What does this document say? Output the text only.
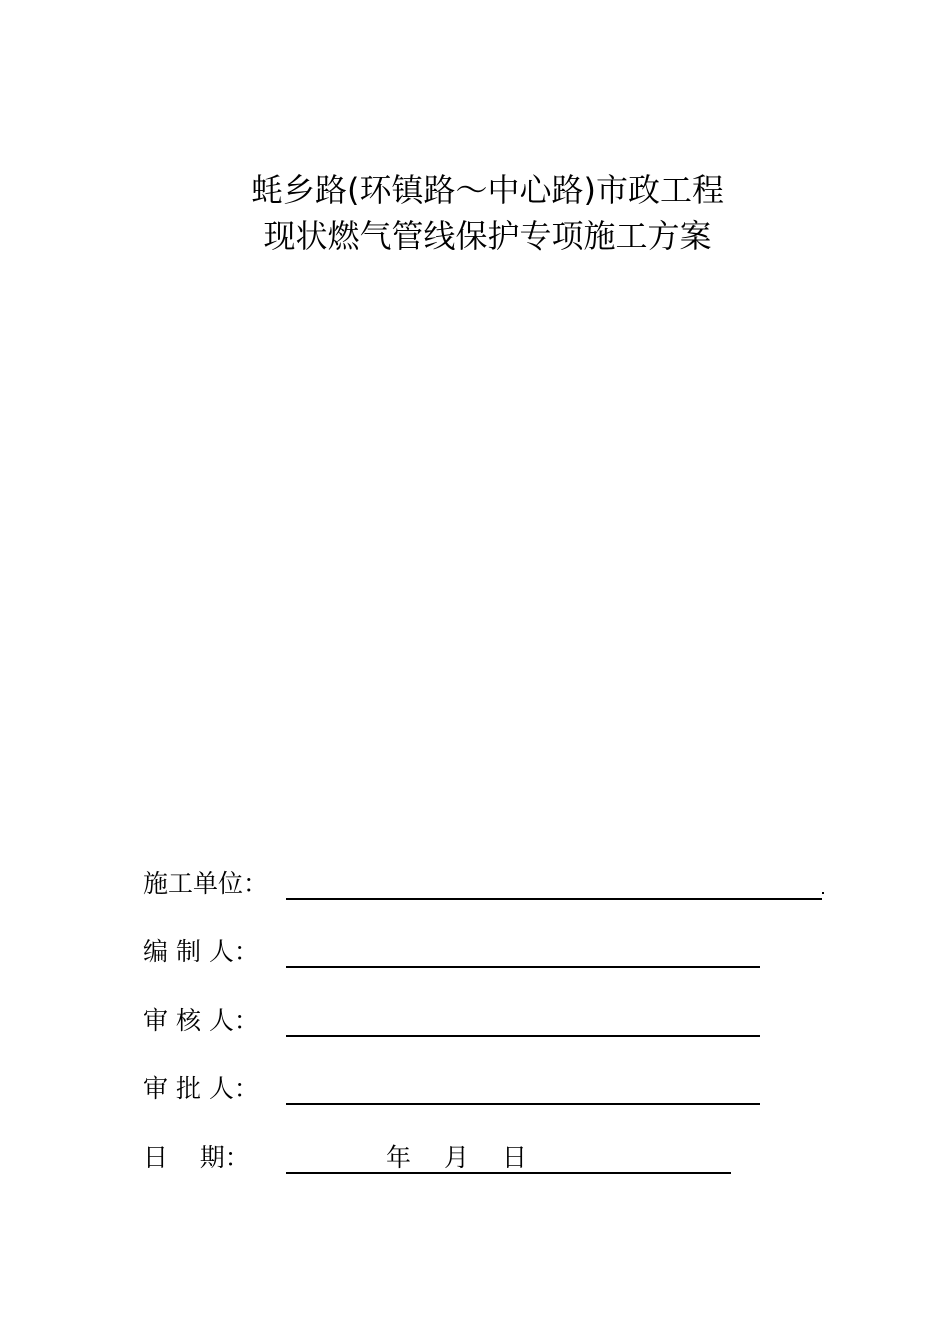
蚝乡路(环镇路～中心路)市政工程
现状燃气管线保护专项施工方案
施工单位：
编 制 人：
审 核 人：
审 批 人：
日    期：	年 月 日
